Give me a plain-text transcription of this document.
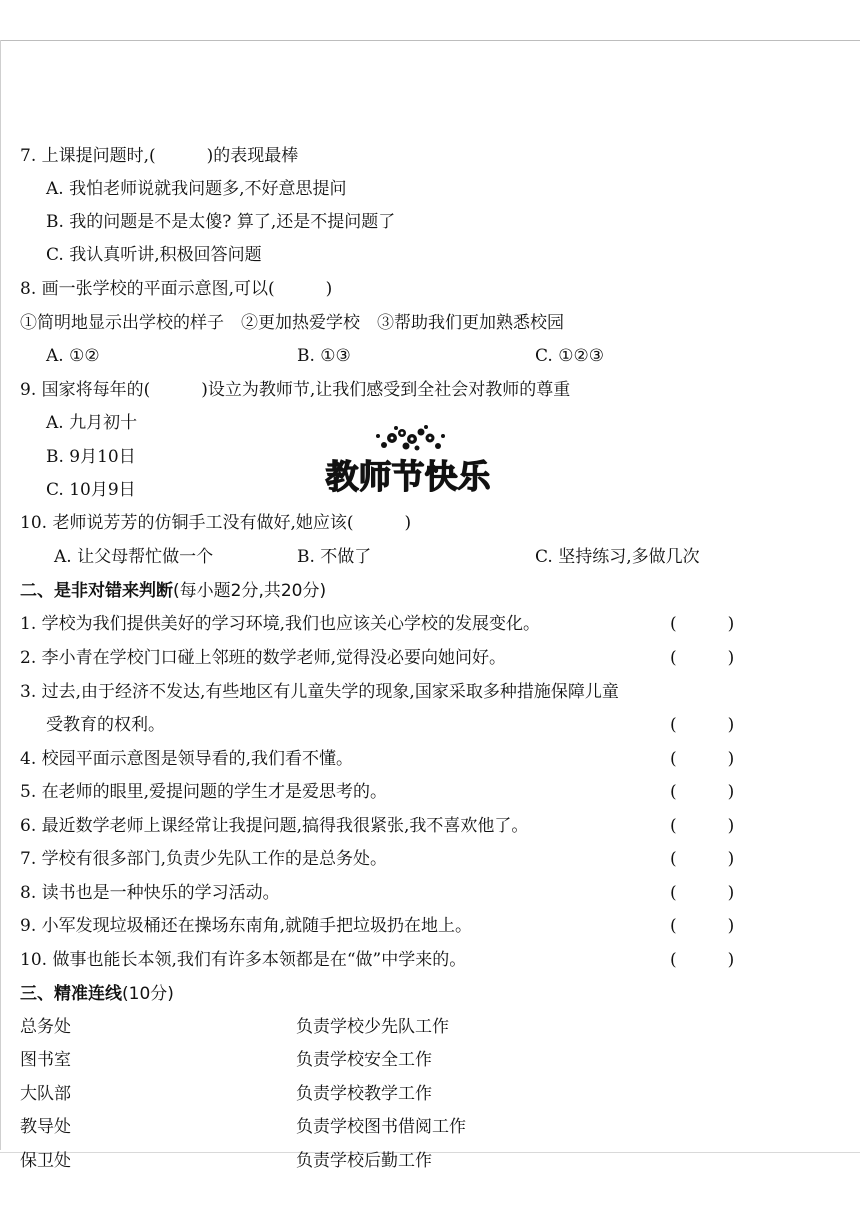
7. 上课提问题时,(　　　)的表现最棒
A. 我怕老师说就我问题多,不好意思提问
B. 我的问题是不是太傻? 算了,还是不提问题了
C. 我认真听讲,积极回答问题
8. 画一张学校的平面示意图,可以(　　　)
①简明地显示出学校的样子　②更加热爱学校　③帮助我们更加熟悉校园
A. ①②	B. ①③	C. ①②③
9. 国家将每年的(　　　)设立为教师节,让我们感受到全社会对教师的尊重
A. 九月初十
B. 9月10日
C. 10月9日	教师节快乐
10. 老师说芳芳的仿铜手工没有做好,她应该(　　　)
A. 让父母帮忙做一个	B. 不做了	C. 坚持练习,多做几次
二、是非对错来判断(每小题2分,共20分)
1. 学校为我们提供美好的学习环境,我们也应该关心学校的发展变化。	(　　　)
2. 李小青在学校门口碰上邻班的数学老师,觉得没必要向她问好。	(　　　)
3. 过去,由于经济不发达,有些地区有儿童失学的现象,国家采取多种措施保障儿童
受教育的权利。	(　　　)
4. 校园平面示意图是领导看的,我们看不懂。	(　　　)
5. 在老师的眼里,爱提问题的学生才是爱思考的。	(　　　)
6. 最近数学老师上课经常让我提问题,搞得我很紧张,我不喜欢他了。	(　　　)
7. 学校有很多部门,负责少先队工作的是总务处。	(　　　)
8. 读书也是一种快乐的学习活动。	(　　　)
9. 小军发现垃圾桶还在操场东南角,就随手把垃圾扔在地上。	(　　　)
10. 做事也能长本领,我们有许多本领都是在“做”中学来的。	(　　　)
三、精准连线(10分)
总务处	负责学校少先队工作
图书室	负责学校安全工作
大队部	负责学校教学工作
教导处	负责学校图书借阅工作
保卫处	负责学校后勤工作
